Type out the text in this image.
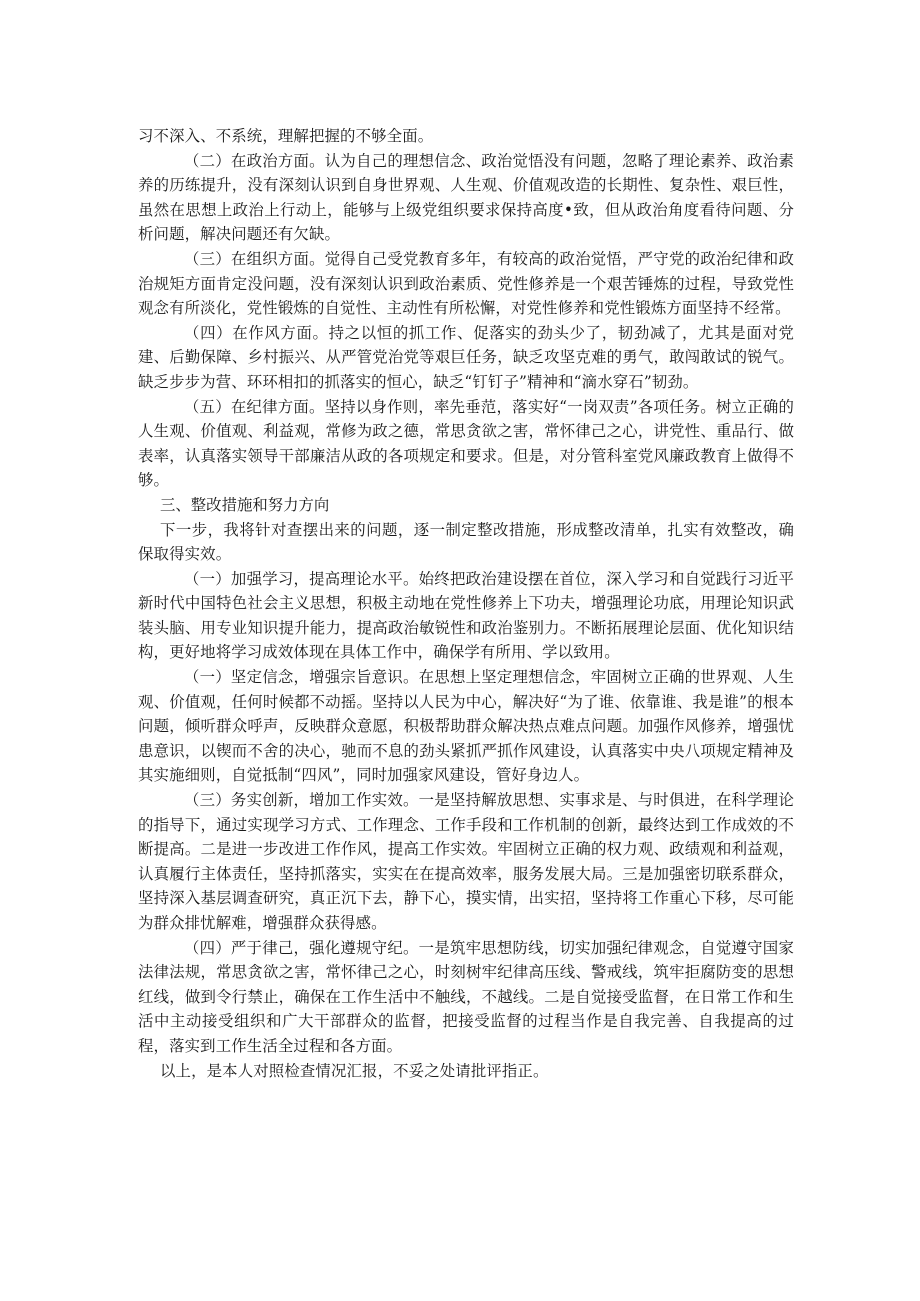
习不深入、不系统，理解把握的不够全面。

（二）在政治方面。认为自己的理想信念、政治觉悟没有问题，忽略了理论素养、政治素养的历练提升，没有深刻认识到自身世界观、人生观、价值观改造的长期性、复杂性、艰巨性，虽然在思想上政治上行动上，能够与上级党组织要求保持高度•致，但从政治角度看待问题、分析问题，解决问题还有欠缺。

（三）在组织方面。觉得自己受党教育多年，有较高的政治觉悟，严守党的政治纪律和政治规矩方面肯定没问题，没有深刻认识到政治素质、党性修养是一个艰苦锤炼的过程，导致党性观念有所淡化，党性锻炼的自觉性、主动性有所松懈，对党性修养和党性锻炼方面坚持不经常。

（四）在作风方面。持之以恒的抓工作、促落实的劲头少了，韧劲减了，尤其是面对党建、后勤保障、乡村振兴、从严管党治党等艰巨任务，缺乏攻坚克难的勇气，敢闯敢试的锐气。缺乏步步为营、环环相扣的抓落实的恒心，缺乏“钉钉子”精神和“滴水穿石”韧劲。

（五）在纪律方面。坚持以身作则，率先垂范，落实好“一岗双责”各项任务。树立正确的人生观、价值观、利益观，常修为政之德，常思贪欲之害，常怀律己之心，讲党性、重品行、做表率，认真落实领导干部廉洁从政的各项规定和要求。但是，对分管科室党风廉政教育上做得不够。

三、整改措施和努力方向

下一步，我将针对查摆出来的问题，逐一制定整改措施，形成整改清单，扎实有效整改，确保取得实效。

（一）加强学习，提高理论水平。始终把政治建设摆在首位，深入学习和自觉践行习近平新时代中国特色社会主义思想，积极主动地在党性修养上下功夫，增强理论功底，用理论知识武装头脑、用专业知识提升能力，提高政治敏锐性和政治鉴别力。不断拓展理论层面、优化知识结构，更好地将学习成效体现在具体工作中，确保学有所用、学以致用。

（一）坚定信念，增强宗旨意识。在思想上坚定理想信念，牢固树立正确的世界观、人生观、价值观，任何时候都不动摇。坚持以人民为中心，解决好“为了谁、依靠谁、我是谁”的根本问题，倾听群众呼声，反映群众意愿，积极帮助群众解决热点难点问题。加强作风修养，增强忧患意识，以锲而不舍的决心，驰而不息的劲头紧抓严抓作风建设，认真落实中央八项规定精神及其实施细则，自觉抵制“四风”，同时加强家风建设，管好身边人。

（三）务实创新，增加工作实效。一是坚持解放思想、实事求是、与时俱进，在科学理论的指导下，通过实现学习方式、工作理念、工作手段和工作机制的创新，最终达到工作成效的不断提高。二是进一步改进工作作风，提高工作实效。牢固树立正确的权力观、政绩观和利益观，认真履行主体责任，坚持抓落实，实实在在提高效率，服务发展大局。三是加强密切联系群众，坚持深入基层调查研究，真正沉下去，静下心，摸实情，出实招，坚持将工作重心下移，尽可能为群众排忧解难，增强群众获得感。

（四）严于律己，强化遵规守纪。一是筑牢思想防线，切实加强纪律观念，自觉遵守国家法律法规，常思贪欲之害，常怀律己之心，时刻树牢纪律高压线、警戒线，筑牢拒腐防变的思想红线，做到令行禁止，确保在工作生活中不触线，不越线。二是自觉接受监督，在日常工作和生活中主动接受组织和广大干部群众的监督，把接受监督的过程当作是自我完善、自我提高的过程，落实到工作生活全过程和各方面。

以上，是本人对照检查情况汇报，不妥之处请批评指正。
